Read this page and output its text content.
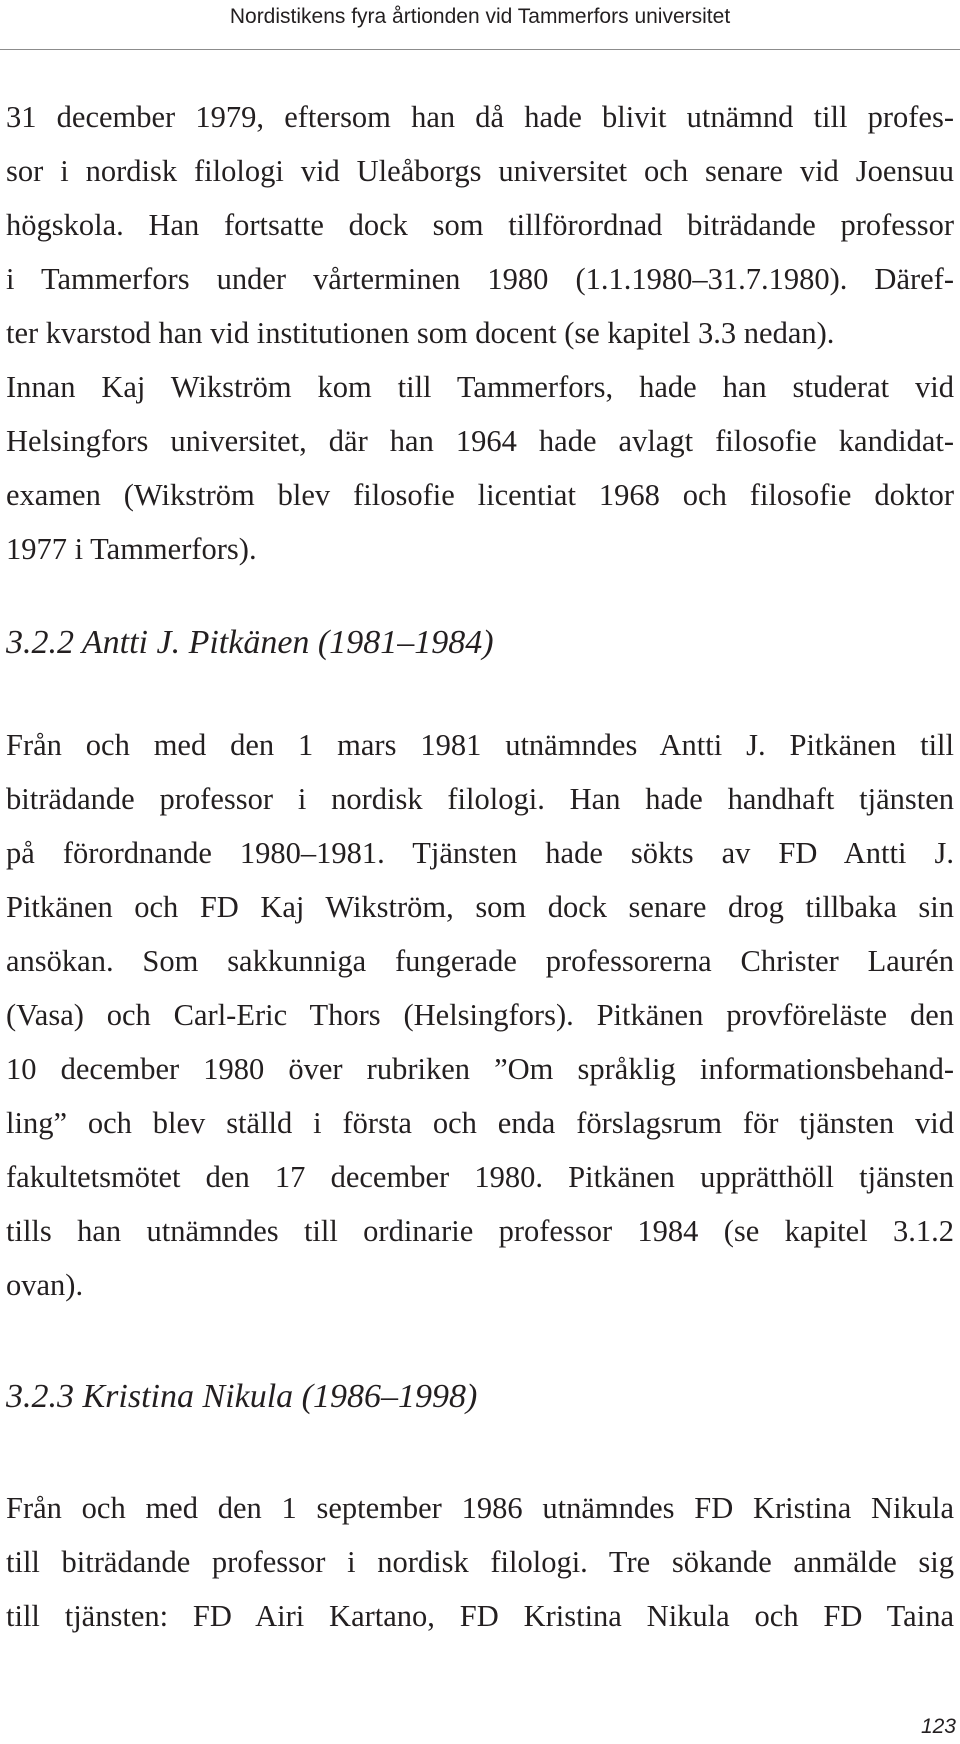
Nordistikens fyra årtionden vid Tammerfors universitet
31 december 1979, eftersom han då hade blivit utnämnd till profes-
sor i nordisk filologi vid Uleåborgs universitet och senare vid Joensuu
högskola. Han fortsatte dock som tillförordnad biträdande professor
i Tammerfors under vårterminen 1980 (1.1.1980–31.7.1980). Däref-
ter kvarstod han vid institutionen som docent (se kapitel 3.3 nedan).
Innan Kaj Wikström kom till Tammerfors, hade han studerat vid
Helsingfors universitet, där han 1964 hade avlagt filosofie kandidat-
examen (Wikström blev filosofie licentiat 1968 och filosofie doktor
1977 i Tammerfors).
3.2.2 Antti J. Pitkänen (1981–1984)
Från och med den 1 mars 1981 utnämndes Antti J. Pitkänen till
biträdande professor i nordisk filologi. Han hade handhaft tjänsten
på förordnande 1980–1981. Tjänsten hade sökts av FD Antti J.
Pitkänen och FD Kaj Wikström, som dock senare drog tillbaka sin
ansökan. Som sakkunniga fungerade professorerna Christer Laurén
(Vasa) och Carl-Eric Thors (Helsingfors). Pitkänen provföreläste den
10 december 1980 över rubriken ”Om språklig informationsbehand-
ling” och blev ställd i första och enda förslagsrum för tjänsten vid
fakultetsmötet den 17 december 1980. Pitkänen upprätthöll tjänsten
tills han utnämndes till ordinarie professor 1984 (se kapitel 3.1.2
ovan).
3.2.3 Kristina Nikula (1986–1998)
Från och med den 1 september 1986 utnämndes FD Kristina Nikula
till biträdande professor i nordisk filologi. Tre sökande anmälde sig
till tjänsten: FD Airi Kartano, FD Kristina Nikula och FD Taina
123
